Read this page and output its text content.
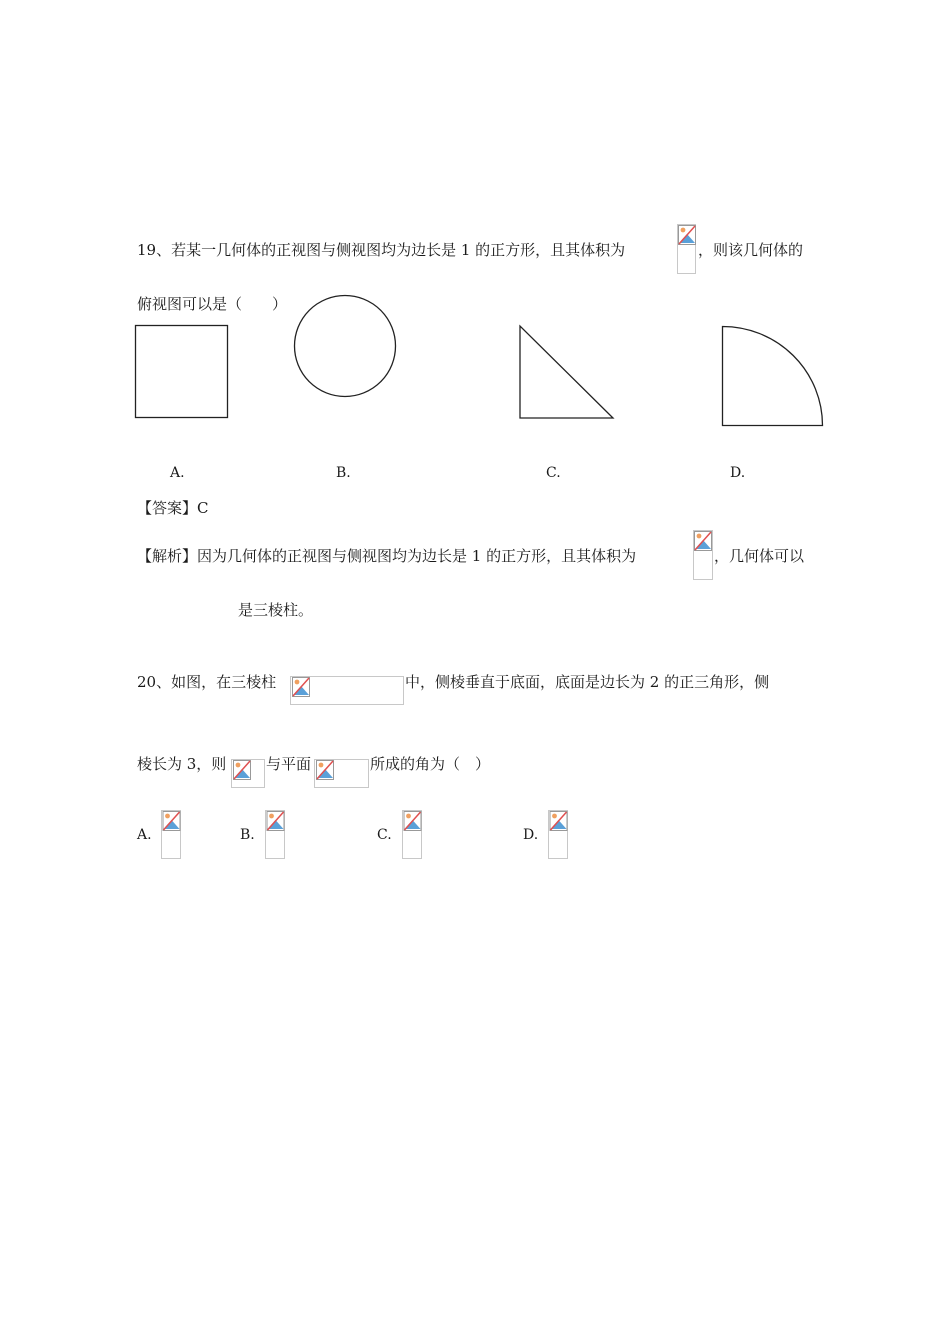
19、若某一几何体的正视图与侧视图均为边长是 1 的正方形，且其体积为	，则该几何体的
俯视图可以是（　　）
A.	B.	C.	D.
【答案】C
【解析】因为几何体的正视图与侧视图均为边长是 1 的正方形，且其体积为	，几何体可以
是三棱柱。
20、如图，在三棱柱	中，侧棱垂直于底面，底面是边长为 2 的正三角形，侧
棱长为 3，则	与平面	所成的角为（　）
A.	B.	C.	D.
